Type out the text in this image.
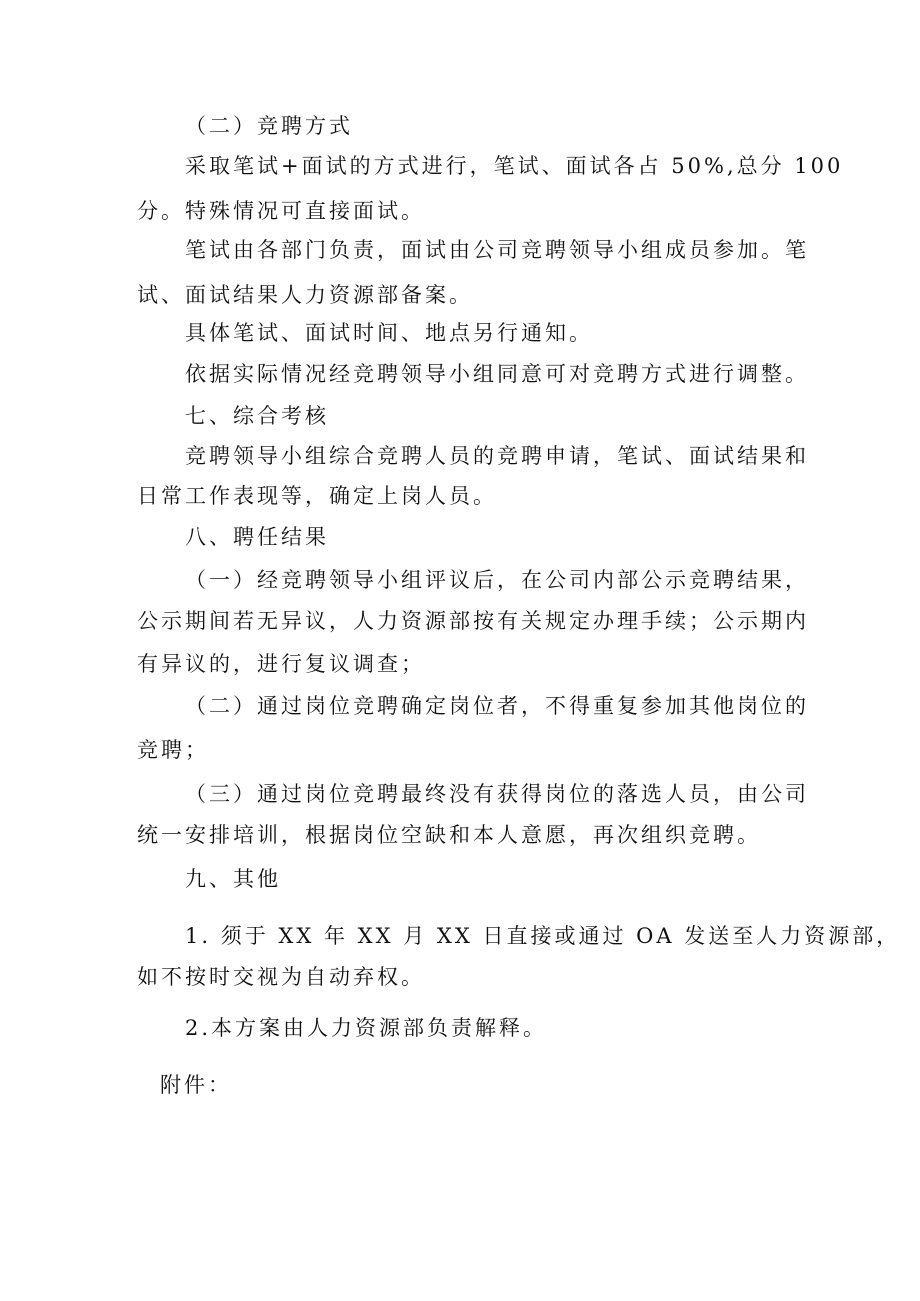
（二）竞聘方式
采取笔试+面试的方式进行，笔试、面试各占 50%,总分 100
分。特殊情况可直接面试。
笔试由各部门负责，面试由公司竞聘领导小组成员参加。笔
试、面试结果人力资源部备案。
具体笔试、面试时间、地点另行通知。
依据实际情况经竞聘领导小组同意可对竞聘方式进行调整。
七、综合考核
竞聘领导小组综合竞聘人员的竞聘申请，笔试、面试结果和
日常工作表现等，确定上岗人员。
八、聘任结果
（一）经竞聘领导小组评议后，在公司内部公示竞聘结果，
公示期间若无异议，人力资源部按有关规定办理手续；公示期内
有异议的，进行复议调查；
（二）通过岗位竞聘确定岗位者，不得重复参加其他岗位的
竞聘；
（三）通过岗位竞聘最终没有获得岗位的落选人员，由公司
统一安排培训，根据岗位空缺和本人意愿，再次组织竞聘。
九、其他
1. 须于 XX 年 XX 月 XX 日直接或通过 OA 发送至人力资源部，
如不按时交视为自动弃权。
2.本方案由人力资源部负责解释。
附件：
